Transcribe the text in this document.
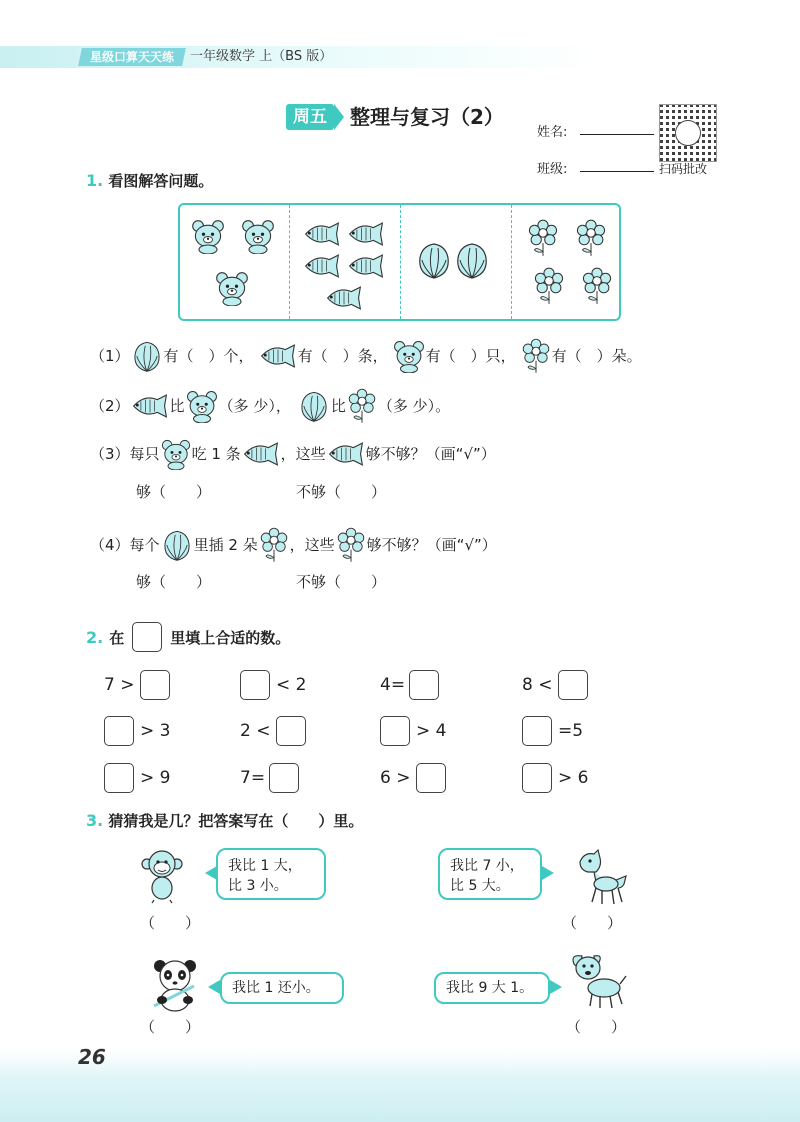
星级口算天天练	一年级数学 上（BS 版）
周五	整理与复习（2）
姓名:
班级:	扫码批改
1. 看图解答问题。
（1） 有（　）个，	有（　）条，	有（　）只， 有（　）朵。
（2）	比 （多 少），	比 （多 少）。
（3） 每只 吃 1 条	，这些	够不够？（画“√”）
够（　　）	不够（　　）
（4） 每个 里插 2 朵 ，这些 够不够？（画“√”）
够（　　）	不够（　　）
2. 在	里填上合适的数。
7 >	< 2	4=	8 <
> 3	2 <	> 4	=5
> 9	7=	6 >	> 6
3. 猜猜我是几？把答案写在（　　）里。
我比 1 大，
比 3 小。
（　　）
我比 7 小，
比 5 大。
（　　）
我比 1 还小。
（　　）
我比 9 大 1。
（　　）
26
